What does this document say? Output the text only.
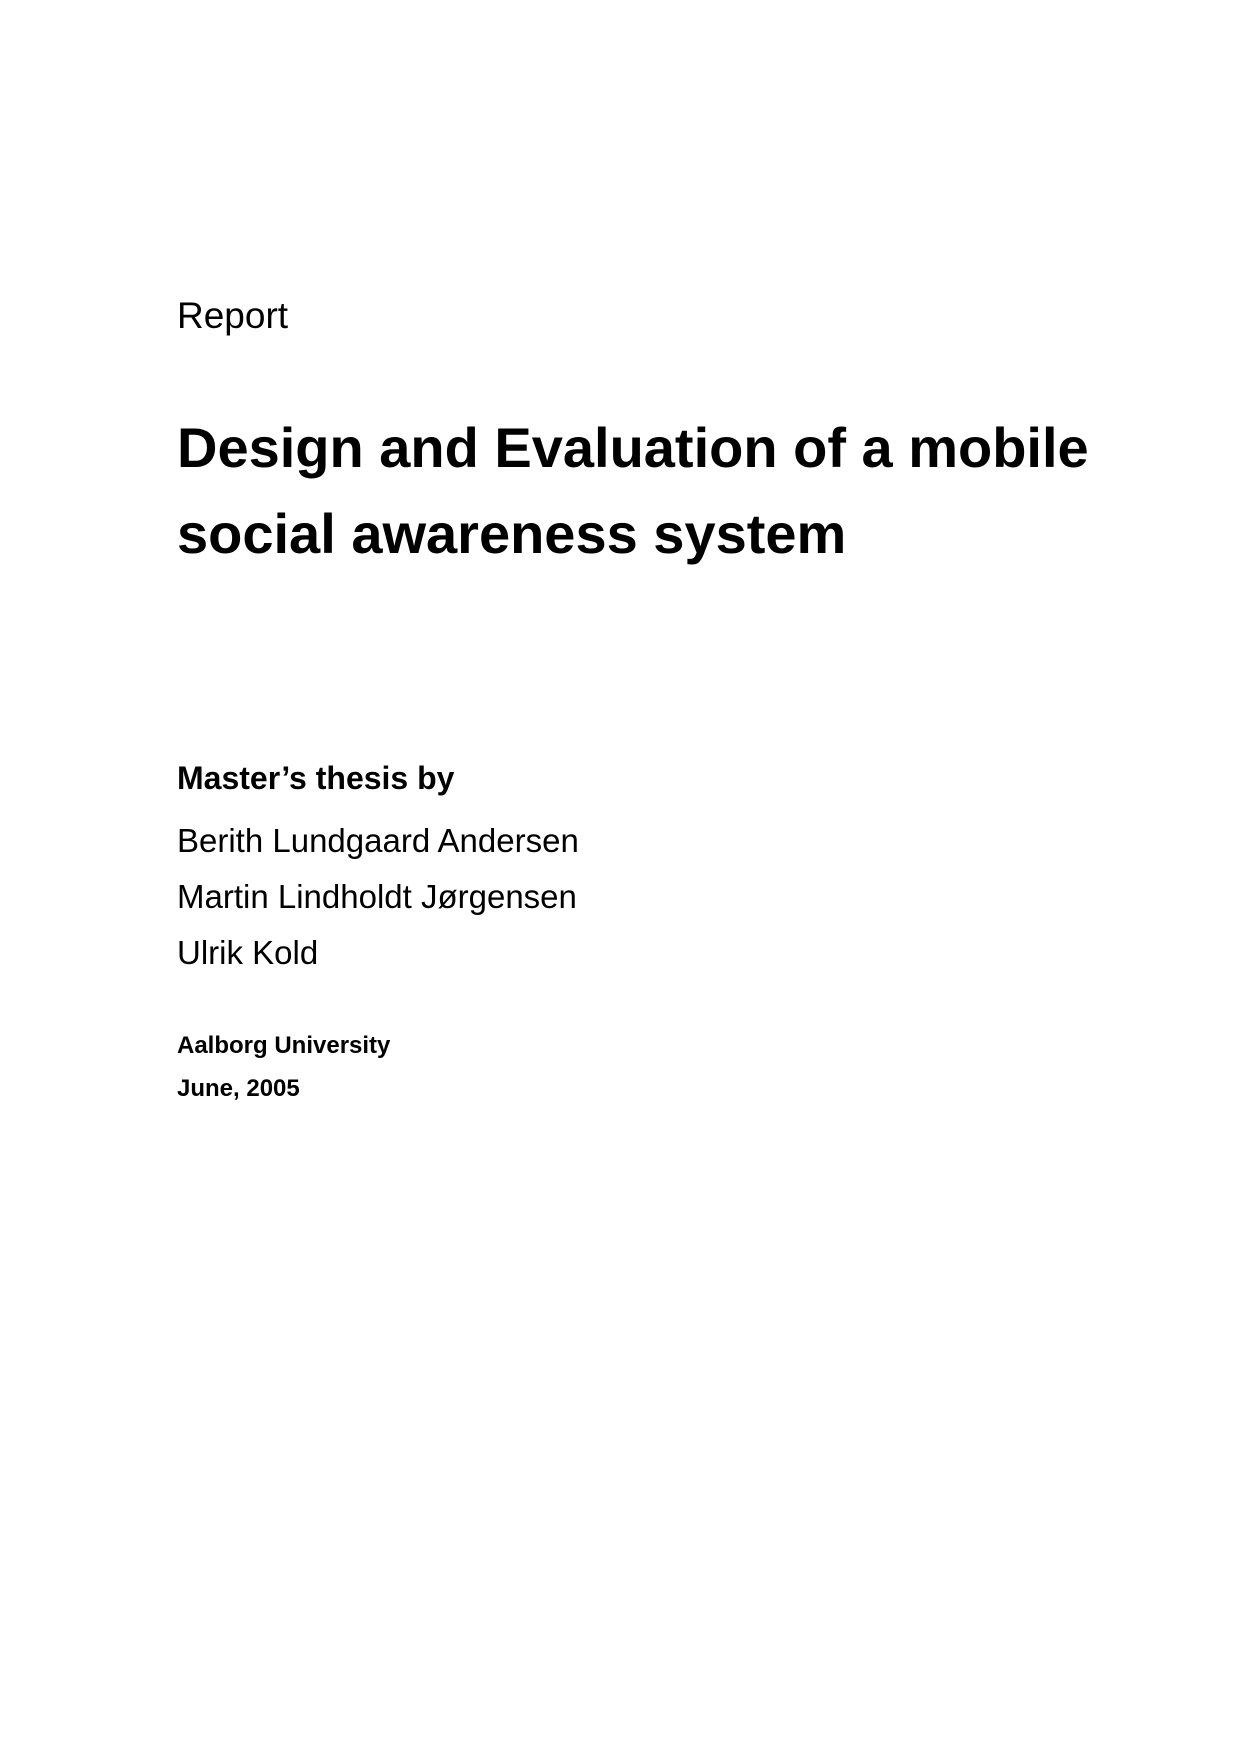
Report

Design and Evaluation of a mobile
social awareness system

Master’s thesis by

Berith Lundgaard Andersen
Martin Lindholdt Jørgensen
Ulrik Kold
Aalborg University
June, 2005
